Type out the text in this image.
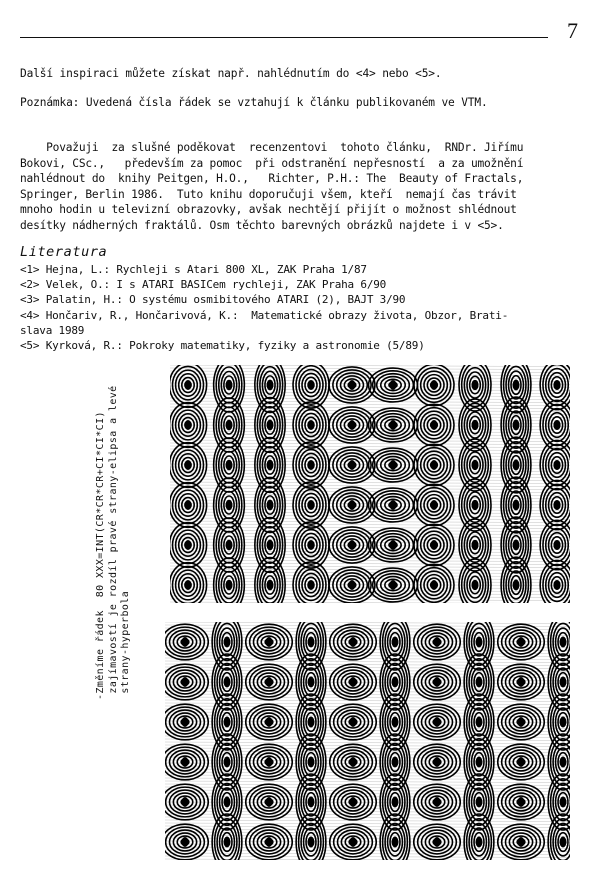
7
Další inspiraci můžete získat např. nahlédnutím do <4> nebo <5>.
Poznámka: Uvedená čísla řádek se vztahují k článku publikovaném ve VTM.
Považuji  za slušné poděkovat  recenzentovi  tohoto článku,  RNDr. Jiřímu
Bokovi, CSc.,   především za pomoc  při odstranění nepřesností  a za umožnění
nahlédnout do  knihy Peitgen, H.O.,   Richter, P.H.: The  Beauty of Fractals,
Springer, Berlin 1986.  Tuto knihu doporučuji všem, kteří  nemají čas trávit
mnoho hodin u televizní obrazovky, avšak nechtějí přijít o možnost shlédnout
desítky nádherných fraktálů. Osm těchto barevných obrázků najdete i v <5>.
Literatura
<1> Hejna, L.: Rychleji s Atari 800 XL, ZAK Praha 1/87
<2> Velek, O.: I s ATARI BASICem rychleji, ZAK Praha 6/90
<3> Palatin, H.: O systému osmibitového ATARI (2), BAJT 3/90
<4> Hončariv, R., Hončarivová, K.:  Matematické obrazy života, Obzor, Brati-
slava 1989
<5> Kyrková, R.: Pokroky matematiky, fyziky a astronomie (5/89)
-Změníme řádek  80 XXX=INT(CR*CR*CR+CI*CI*CI) zajímavostí je rozdíl pravé strany-elipsa a levé strany-hyperbola
